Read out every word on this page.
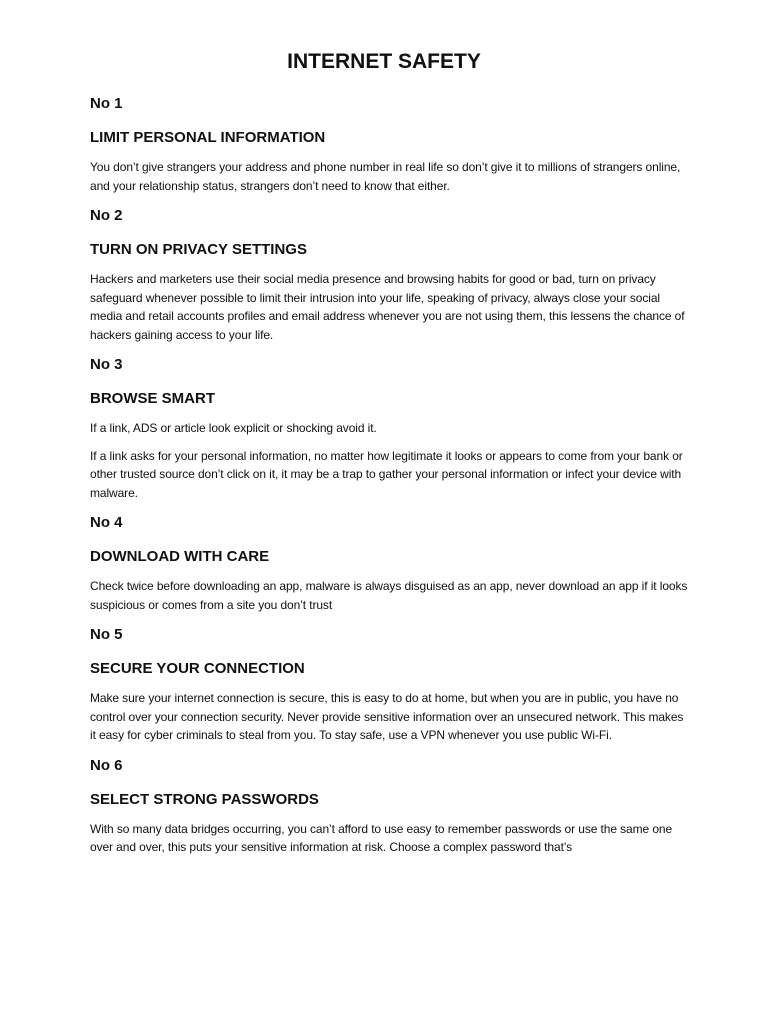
INTERNET SAFETY
No 1
LIMIT PERSONAL INFORMATION

You don’t give strangers your address and phone number in real life so don’t give it to millions of strangers online, and your relationship status, strangers don’t need to know that either.

No 2
TURN ON PRIVACY SETTINGS

Hackers and marketers use their social media presence and browsing habits for good or bad, turn on privacy safeguard whenever possible to limit their intrusion into your life, speaking of privacy, always close your social media and retail accounts profiles and email address whenever you are not using them, this lessens the chance of hackers gaining access to your life.

No 3
BROWSE SMART

If a link, ADS or article look explicit or shocking avoid it.

If a link asks for your personal information, no matter how legitimate it looks or appears to come from your bank or other trusted source don’t click on it, it may be a trap to gather your personal information or infect your device with malware.

No 4
DOWNLOAD WITH CARE

Check twice before downloading an app, malware is always disguised as an app, never download an app if it looks suspicious or comes from a site you don’t trust

No 5
SECURE YOUR CONNECTION

Make sure your internet connection is secure, this is easy to do at home, but when you are in public, you have no control over your connection security. Never provide sensitive information over an unsecured network. This makes it easy for cyber criminals to steal from you. To stay safe, use a VPN whenever you use public Wi-Fi.

No 6
SELECT STRONG PASSWORDS

With so many data bridges occurring, you can’t afford to use easy to remember passwords or use the same one over and over, this puts your sensitive information at risk. Choose a complex password that’s
